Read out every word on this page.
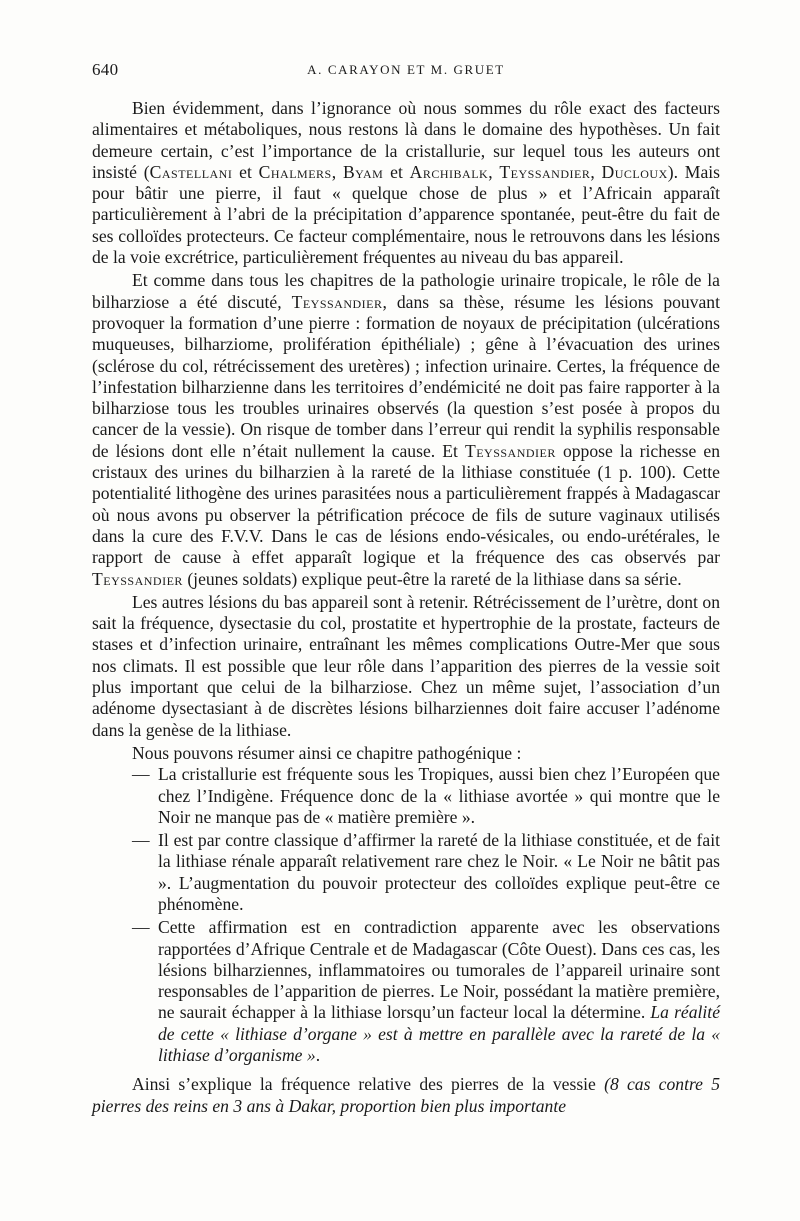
640	A. CARAYON ET M. GRUET

Bien évidemment, dans l’ignorance où nous sommes du rôle exact des facteurs alimentaires et métaboliques, nous restons là dans le domaine des hypothèses. Un fait demeure certain, c’est l’importance de la cristallurie, sur lequel tous les auteurs ont insisté (Castellani et Chalmers, Byam et Archibalk, Teyssandier, Ducloux). Mais pour bâtir une pierre, il faut « quelque chose de plus » et l’Africain apparaît particulièrement à l’abri de la précipitation d’apparence spontanée, peut-être du fait de ses colloïdes protecteurs. Ce facteur complémentaire, nous le retrouvons dans les lésions de la voie excrétrice, particulièrement fréquentes au niveau du bas appareil.

Et comme dans tous les chapitres de la pathologie urinaire tropicale, le rôle de la bilharziose a été discuté, Teyssandier, dans sa thèse, résume les lésions pouvant provoquer la formation d’une pierre : formation de noyaux de précipitation (ulcérations muqueuses, bilharziome, prolifération épithéliale) ; gêne à l’évacuation des urines (sclérose du col, rétrécissement des uretères) ; infection urinaire. Certes, la fréquence de l’infestation bilharzienne dans les territoires d’endémicité ne doit pas faire rapporter à la bilharziose tous les troubles urinaires observés (la question s’est posée à propos du cancer de la vessie). On risque de tomber dans l’erreur qui rendit la syphilis responsable de lésions dont elle n’était nullement la cause. Et Teyssandier oppose la richesse en cristaux des urines du bilharzien à la rareté de la lithiase constituée (1 p. 100). Cette potentialité lithogène des urines parasitées nous a particulièrement frappés à Madagascar où nous avons pu observer la pétrification précoce de fils de suture vaginaux utilisés dans la cure des F.V.V. Dans le cas de lésions endo-vésicales, ou endo-urétérales, le rapport de cause à effet apparaît logique et la fréquence des cas observés par Teyssandier (jeunes soldats) explique peut-être la rareté de la lithiase dans sa série.

Les autres lésions du bas appareil sont à retenir. Rétrécissement de l’urètre, dont on sait la fréquence, dysectasie du col, prostatite et hypertrophie de la prostate, facteurs de stases et d’infection urinaire, entraînant les mêmes complications Outre-Mer que sous nos climats. Il est possible que leur rôle dans l’apparition des pierres de la vessie soit plus important que celui de la bilharziose. Chez un même sujet, l’association d’un adénome dysectasiant à de discrètes lésions bilharziennes doit faire accuser l’adénome dans la genèse de la lithiase.

Nous pouvons résumer ainsi ce chapitre pathogénique :

— La cristallurie est fréquente sous les Tropiques, aussi bien chez l’Européen que chez l’Indigène. Fréquence donc de la « lithiase avortée » qui montre que le Noir ne manque pas de « matière première ».
— Il est par contre classique d’affirmer la rareté de la lithiase constituée, et de fait la lithiase rénale apparaît relativement rare chez le Noir. « Le Noir ne bâtit pas ». L’augmentation du pouvoir protecteur des colloïdes explique peut-être ce phénomène.
— Cette affirmation est en contradiction apparente avec les observations rapportées d’Afrique Centrale et de Madagascar (Côte Ouest). Dans ces cas, les lésions bilharziennes, inflammatoires ou tumorales de l’appareil urinaire sont responsables de l’apparition de pierres. Le Noir, possédant la matière première, ne saurait échapper à la lithiase lorsqu’un facteur local la détermine. La réalité de cette « lithiase d’organe » est à mettre en parallèle avec la rareté de la « lithiase d’organisme ».

Ainsi s’explique la fréquence relative des pierres de la vessie (8 cas contre 5 pierres des reins en 3 ans à Dakar, proportion bien plus importante
